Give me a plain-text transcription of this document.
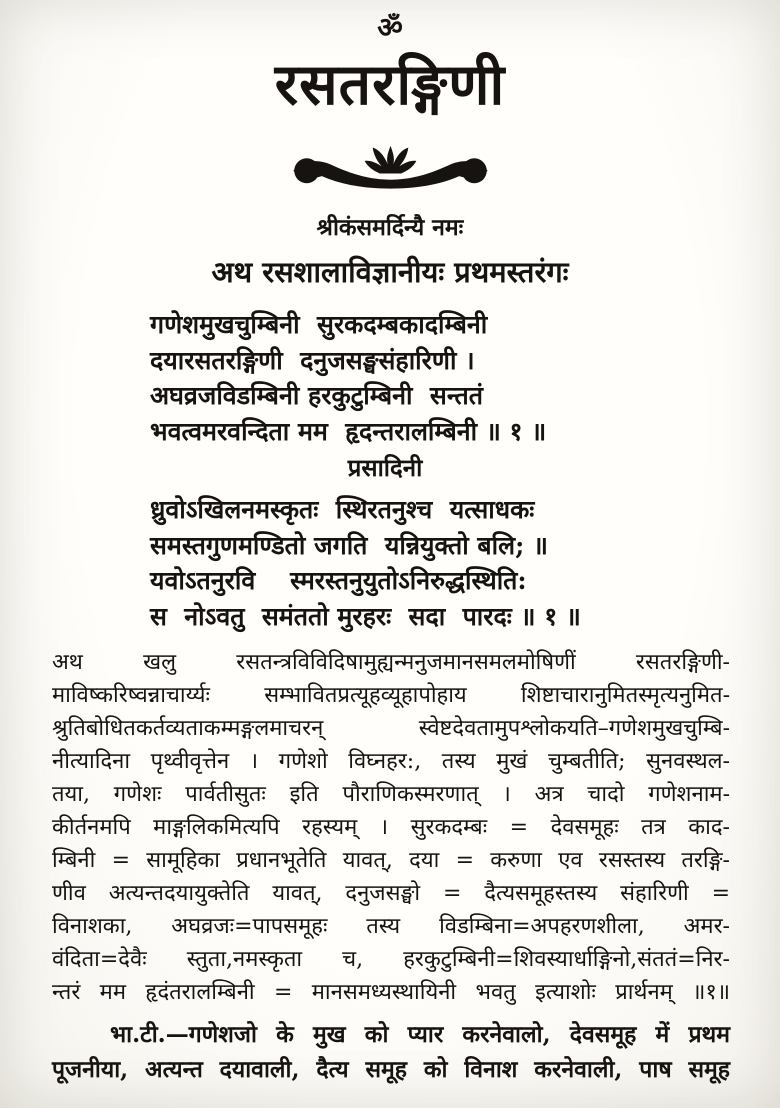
ॐ
रसतरङ्गिणी
श्रीकंसमर्दिन्यै नमः
अथ रसशालाविज्ञानीयः प्रथमस्तरंगः
गणेशमुखचुम्बिनी  सुरकदम्बकादम्बिनी
दयारसतरङ्गिणी  दनुजसङ्घसंहारिणी ।
अघव्रजविडम्बिनी हरकुटुम्बिनी  सन्ततं
भवत्वमरवन्दिता मम  हृदन्तरालम्बिनी ॥ १ ॥
प्रसादिनी
ध्रुवोऽखिलनमस्कृतः  स्थिरतनुश्च  यत्साधकः
समस्तगुणमण्डितो जगति  यन्नियुक्तो बलि; ॥
यवोऽतनुरवि    स्मरस्तनुयुतोऽनिरुद्धस्थिति:
स  नोऽवतु  समंततो मुरहरः  सदा  पारदः ॥ १ ॥
अथ खलु रसतन्त्रविविदिषामुह्यन्मनुजमानसमलमोषिणीं रसतरङ्गिणी-
माविष्करिष्वन्नाचार्य्यः सम्भावितप्रत्यूहव्यूहापोहाय शिष्टाचारानुमितस्मृत्यनुमित-
श्रुतिबोधितकर्तव्यताकम्मङ्गलमाचरन् स्वेष्टदेवतामुपश्लोकयति–गणेशमुखचुम्बि-
नीत्यादिना पृथ्वीवृत्तेन । गणेशो विघ्नहर:, तस्य मुखं चुम्बतीति; सुनवस्थल-
तया, गणेशः पार्वतीसुतः इति पौराणिकस्मरणात् । अत्र चादो गणेशनाम-
कीर्तनमपि माङ्गलिकमित्यपि रहस्यम् । सुरकदम्बः = देवसमूहः तत्र काद-
म्बिनी = सामूहिका प्रधानभूतेति यावत्, दया = करुणा एव रसस्तस्य तरङ्गि-
णीव अत्यन्तदयायुक्तेति यावत्, दनुजसङ्घो = दैत्यसमूहस्तस्य संहारिणी =
विनाशका, अघव्रजः=पापसमूहः तस्य विडम्बिना=अपहरणशीला, अमर-
वंदिता=देवैः स्तुता,नमस्कृता च, हरकुटुम्बिनी=शिवस्यार्धाङ्गिनो,संततं=निर-
न्तरं मम हृदंतरालम्बिनी = मानसमध्यस्थायिनी भवतु इत्याशोः प्रार्थनम् ॥१॥
भा.टी.—गणेशजो के मुख को प्यार करनेवालो, देवसमूह में प्रथम
पूजनीया, अत्यन्त दयावाली, दैत्य समूह को विनाश करनेवाली, पाष समूह
